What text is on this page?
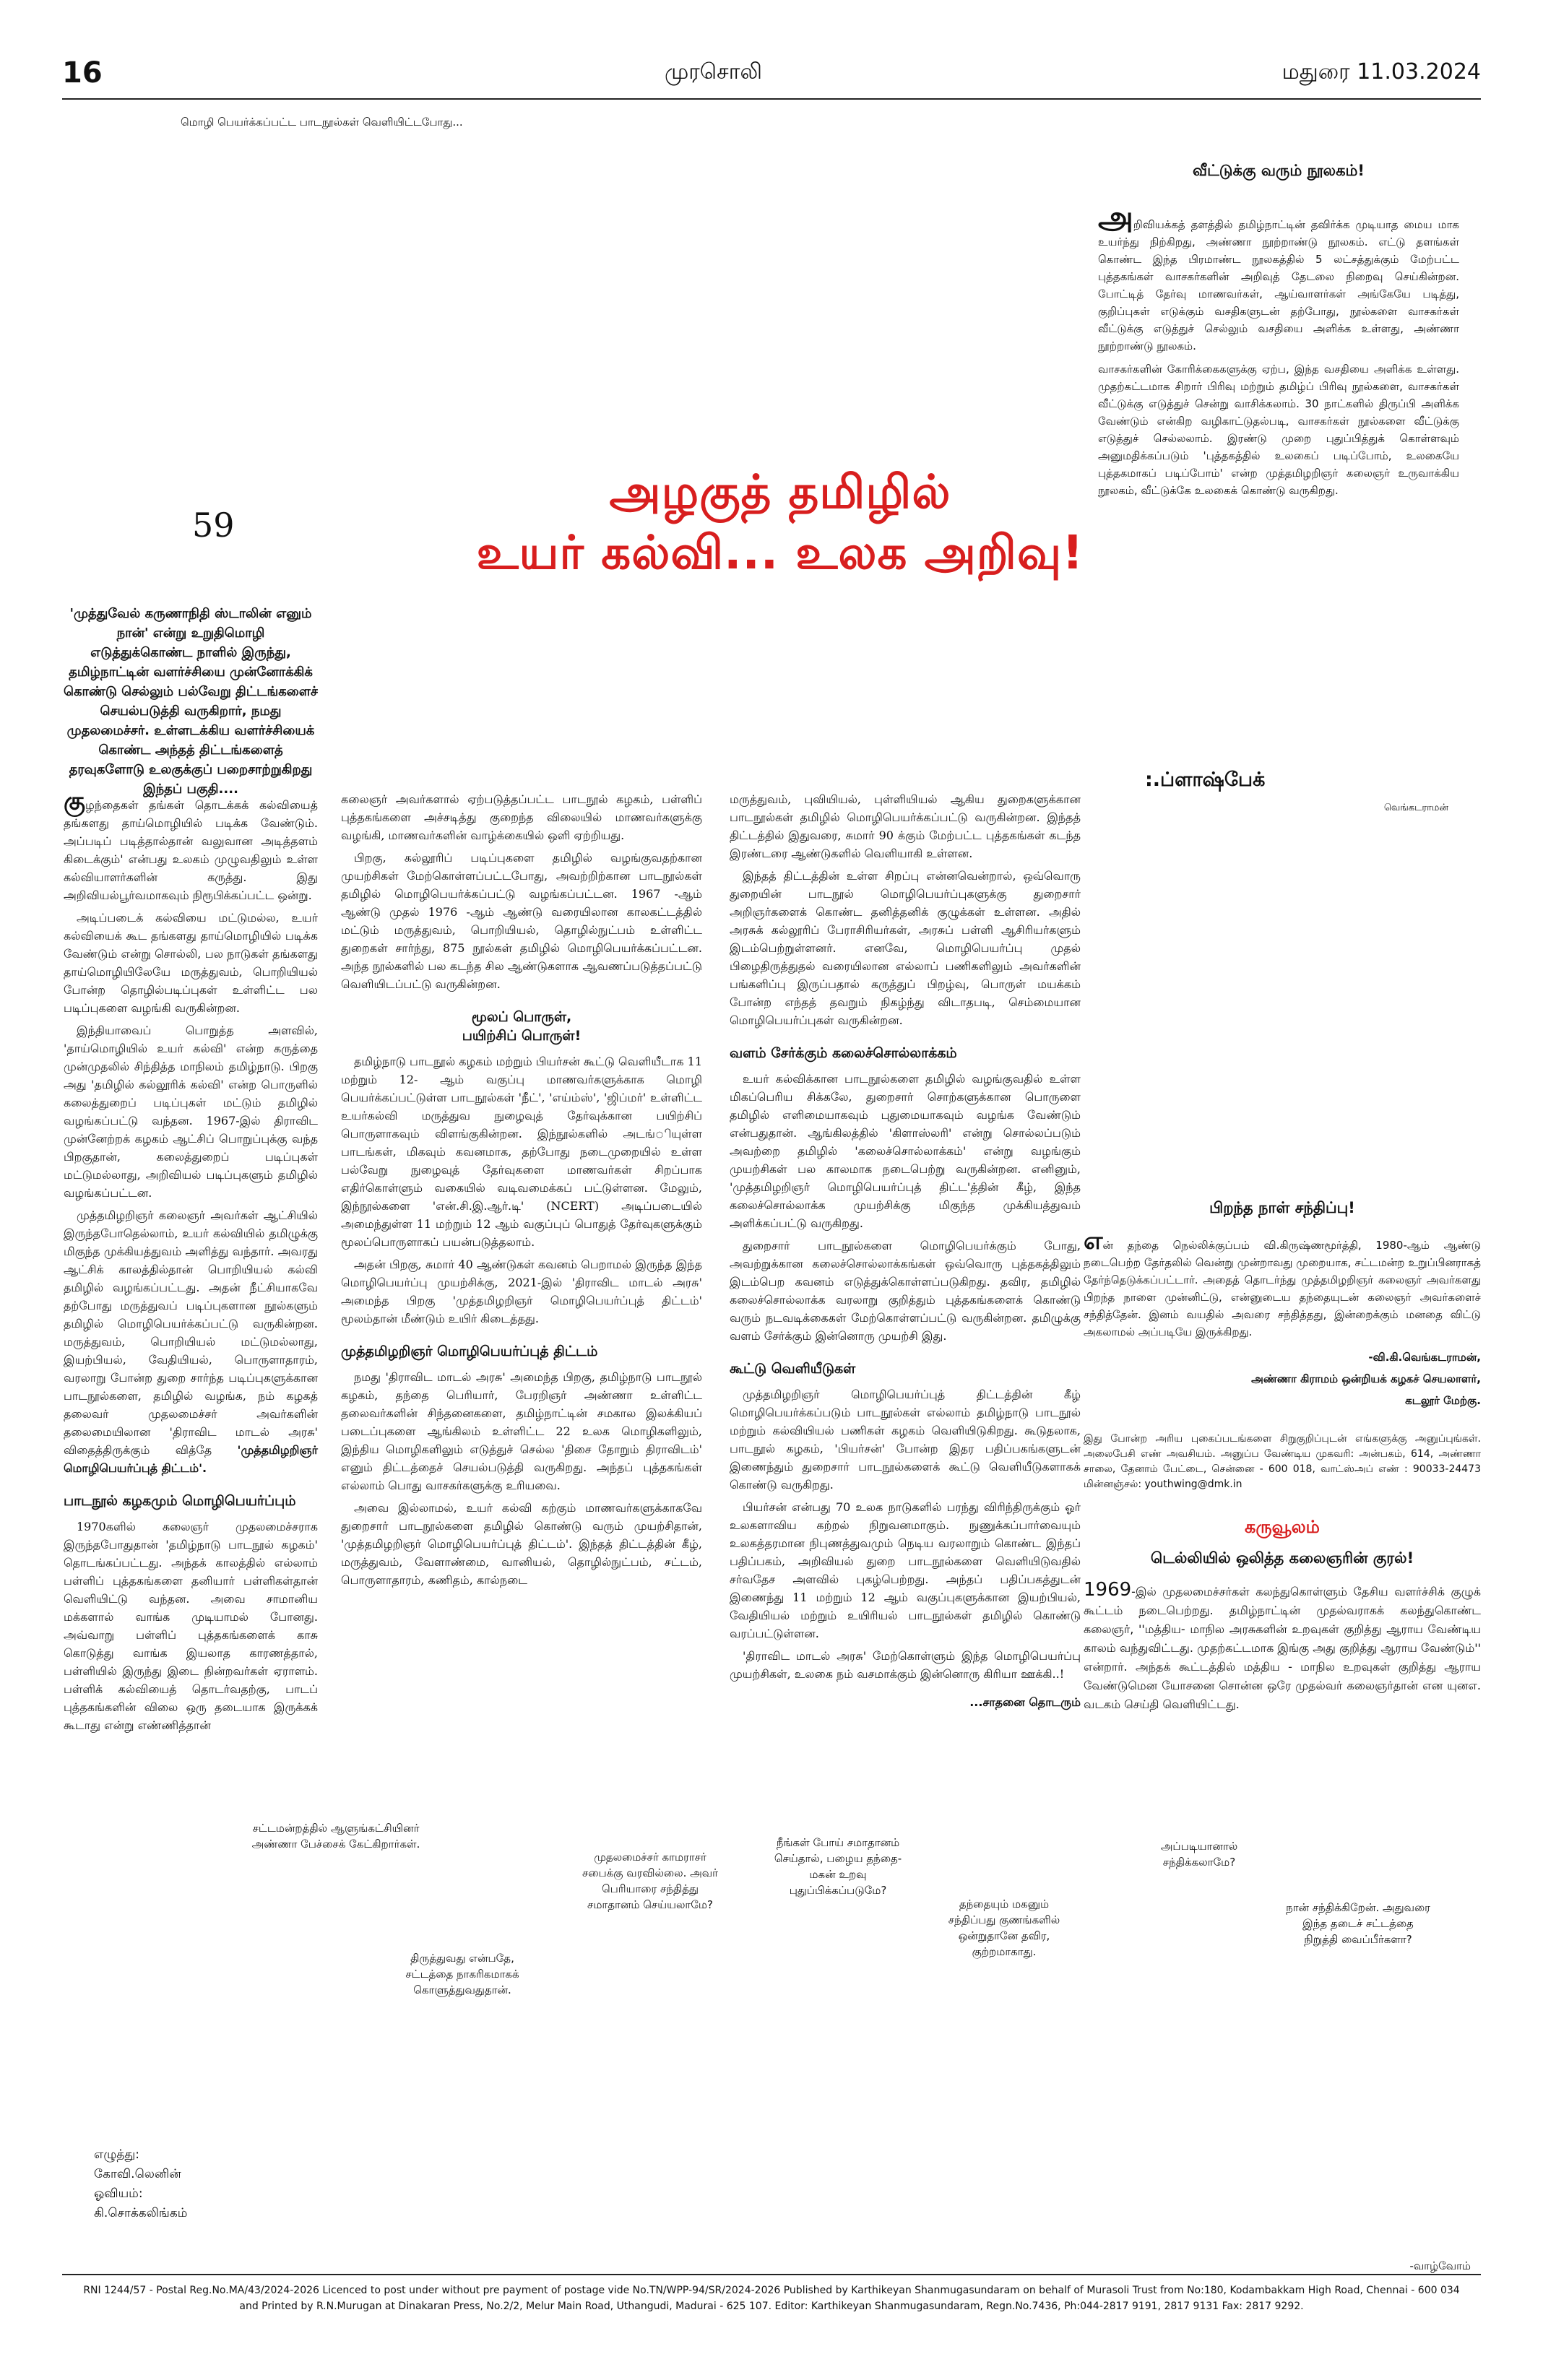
16	முரசொலி	மதுரை 11.03.2024
மொழி பெயர்க்கப்பட்ட பாடநூல்கள் வெளியிட்டபோது...
அழகுத் தமிழில்
உயர் கல்வி... உலக அறிவு!
59
'முத்துவேல் கருணாநிதி ஸ்டாலின் எனும் நான்' என்று உறுதிமொழி எடுத்துக்கொண்ட நாளில் இருந்து, தமிழ்நாட்டின் வளர்ச்சியை முன்னோக்கிக் கொண்டு செல்லும் பல்வேறு திட்டங்களைச் செயல்படுத்தி வருகிறார், நமது முதலமைச்சர். உள்ளடக்கிய வளர்ச்சியைக் கொண்ட அந்தத் திட்டங்களைத் தரவுகளோடு உலகுக்குப் பறைசாற்றுகிறது இந்தப் பகுதி....

குழந்தைகள் தங்கள் தொடக்கக் கல்வியைத் தங்களது தாய்மொழியில் படிக்க வேண்டும். அப்படிப் படித்தால்தான் வலுவான அடித்தளம் கிடைக்கும்' என்பது உலகம் முழுவதிலும் உள்ள கல்வியாளர்களின் கருத்து. இது அறிவியல்பூர்வமாகவும் நிரூபிக்கப்பட்ட ஒன்று.

அடிப்படைக் கல்வியை மட்டுமல்ல, உயர் கல்வியைக் கூட தங்களது தாய்மொழியில் படிக்க வேண்டும் என்று சொல்லி, பல நாடுகள் தங்களது தாய்மொழியிலேயே மருத்துவம், பொறியியல் போன்ற தொழில்படிப்புகள் உள்ளிட்ட பல படிப்புகளை வழங்கி வருகின்றன.

இந்தியாவைப் பொறுத்த அளவில், 'தாய்மொழியில் உயர் கல்வி' என்ற கருத்தை முன்முதலில் சிந்தித்த மாநிலம் தமிழ்நாடு. பிறகு அது 'தமிழில் கல்லூரிக் கல்வி' என்ற பொருளில் கலைத்துறைப் படிப்புகள் மட்டும் தமிழில் வழங்கப்பட்டு வந்தன. 1967-இல் திராவிட முன்னேற்றக் கழகம் ஆட்சிப் பொறுப்புக்கு வந்த பிறகுதான், கலைத்துறைப் படிப்புகள் மட்டுமல்லாது, அறிவியல் படிப்புகளும் தமிழில் வழங்கப்பட்டன.

முத்தமிழறிஞர் கலைஞர் அவர்கள் ஆட்சியில் இருந்தபோதெல்லாம், உயர் கல்வியில் தமிழுக்கு மிகுந்த முக்கியத்துவம் அளித்து வந்தார். அவரது ஆட்சிக் காலத்தில்தான் பொறியியல் கல்வி தமிழில் வழங்கப்பட்டது. அதன் நீட்சியாகவே தற்போது மருத்துவப் படிப்புகளான நூல்களும் தமிழில் மொழிபெயர்க்கப்பட்டு வருகின்றன. மருத்துவம், பொறியியல் மட்டுமல்லாது, இயற்பியல், வேதியியல், பொருளாதாரம், வரலாறு போன்ற துறை சார்ந்த படிப்புகளுக்கான பாடநூல்களை, தமிழில் வழங்க, நம் கழகத் தலைவர் முதலமைச்சர் அவர்களின் தலைமையிலான 'திராவிட மாடல் அரசு' விதைத்திருக்கும் வித்தே 'முத்தமிழறிஞர் மொழிபெயர்ப்புத் திட்டம்'.

பாடநூல் கழகமும் மொழிபெயர்ப்பும்

1970களில் கலைஞர் முதலமைச்சராக இருந்தபோதுதான் 'தமிழ்நாடு பாடநூல் கழகம்' தொடங்கப்பட்டது. அந்தக் காலத்தில் எல்லாம் பள்ளிப் புத்தகங்களை தனியார் பள்ளிகள்தான் வெளியிட்டு வந்தன. அவை சாமானிய மக்களால் வாங்க முடியாமல் போனது. அவ்வாறு பள்ளிப் புத்தகங்களைக் காசு கொடுத்து வாங்க இயலாத காரணத்தால், பள்ளியில் இருந்து இடை நின்றவர்கள் ஏராளம். பள்ளிக் கல்வியைத் தொடர்வதற்கு, பாடப் புத்தகங்களின் விலை ஒரு தடையாக இருக்கக் கூடாது என்று எண்ணித்தான்

கலைஞர் அவர்களால் ஏற்படுத்தப்பட்ட பாடநூல் கழகம், பள்ளிப் புத்தகங்களை அச்சடித்து குறைந்த விலையில் மாணவர்களுக்கு வழங்கி, மாணவர்களின் வாழ்க்கையில் ஒளி ஏற்றியது.

பிறகு, கல்லூரிப் படிப்புகளை தமிழில் வழங்குவதற்கான முயற்சிகள் மேற்கொள்ளப்பட்டபோது, அவற்றிற்கான பாடநூல்கள் தமிழில் மொழிபெயர்க்கப்பட்டு வழங்கப்பட்டன. 1967 -ஆம் ஆண்டு முதல் 1976 -ஆம் ஆண்டு வரையிலான காலகட்டத்தில் மட்டும் மருத்துவம், பொறியியல், தொழில்நுட்பம் உள்ளிட்ட துறைகள் சார்ந்து, 875 நூல்கள் தமிழில் மொழிபெயர்க்கப்பட்டன. அந்த நூல்களில் பல கடந்த சில ஆண்டுகளாக ஆவணப்படுத்தப்பட்டு வெளியிடப்பட்டு வருகின்றன.

மூலப் பொருள்,
பயிற்சிப் பொருள்!

தமிழ்நாடு பாடநூல் கழகம் மற்றும் பியர்சன் கூட்டு வெளியீடாக 11 மற்றும் 12- ஆம் வகுப்பு மாணவர்களுக்காக மொழி பெயர்க்கப்பட்டுள்ள பாடநூல்கள் 'நீட்', 'எய்ம்ஸ்', 'ஜிப்மர்' உள்ளிட்ட உயர்கல்வி மருத்துவ நுழைவுத் தேர்வுக்கான பயிற்சிப் பொருளாகவும் விளங்குகின்றன. இந்நூல்களில் அடங்ியுள்ள பாடங்கள், மிகவும் கவனமாக, தற்போது நடைமுறையில் உள்ள பல்வேறு நுழைவுத் தேர்வுகளை மாணவர்கள் சிறப்பாக எதிர்கொள்ளும் வகையில் வடிவமைக்கப் பட்டுள்ளன. மேலும், இந்நூல்களை 'என்.சி.இ.ஆர்.டி' (NCERT) அடிப்படையில் அமைந்துள்ள 11 மற்றும் 12 ஆம் வகுப்புப் பொதுத் தேர்வுகளுக்கும் மூலப்பொருளாகப் பயன்படுத்தலாம்.

அதன் பிறகு, சுமார் 40 ஆண்டுகள் கவனம் பெறாமல் இருந்த இந்த மொழிபெயர்ப்பு முயற்சிக்கு, 2021-இல் 'திராவிட மாடல் அரசு' அமைந்த பிறகு 'முத்தமிழறிஞர் மொழிபெயர்ப்புத் திட்டம்' மூலம்தான் மீண்டும் உயிர் கிடைத்தது.

முத்தமிழறிஞர் மொழிபெயர்ப்புத் திட்டம்

நமது 'திராவிட மாடல் அரசு' அமைந்த பிறகு, தமிழ்நாடு பாடநூல் கழகம், தந்தை பெரியார், பேரறிஞர் அண்ணா உள்ளிட்ட தலைவர்களின் சிந்தனைகளை, தமிழ்நாட்டின் சமகால இலக்கியப் படைப்புகளை ஆங்கிலம் உள்ளிட்ட 22 உலக மொழிகளிலும், இந்திய மொழிகளிலும் எடுத்துச் செல்ல 'திசை தோறும் திராவிடம்' எனும் திட்டத்தைச் செயல்படுத்தி வருகிறது. அந்தப் புத்தகங்கள் எல்லாம் பொது வாசகர்களுக்கு உரியவை.

அவை இல்லாமல், உயர் கல்வி கற்கும் மாணவர்களுக்காகவே துறைசார் பாடநூல்களை தமிழில் கொண்டு வரும் முயற்சிதான், 'முத்தமிழறிஞர் மொழிபெயர்ப்புத் திட்டம்'. இந்தத் திட்டத்தின் கீழ், மருத்துவம், வேளாண்மை, வானியல், தொழில்நுட்பம், சட்டம், பொருளாதாரம், கணிதம், கால்நடை

மருத்துவம், புவியியல், புள்ளியியல் ஆகிய துறைகளுக்கான பாடநூல்கள் தமிழில் மொழிபெயர்க்கப்பட்டு வருகின்றன. இந்தத் திட்டத்தில் இதுவரை, சுமார் 90 க்கும் மேற்பட்ட புத்தகங்கள் கடந்த இரண்டரை ஆண்டுகளில் வெளியாகி உள்ளன.

இந்தத் திட்டத்தின் உள்ள சிறப்பு என்னவென்றால், ஒவ்வொரு துறையின் பாடநூல் மொழிபெயர்ப்புகளுக்கு துறைசார் அறிஞர்களைக் கொண்ட தனித்தனிக் குழுக்கள் உள்ளன. அதில் அரசுக் கல்லூரிப் பேராசிரியர்கள், அரசுப் பள்ளி ஆசிரியர்களும் இடம்பெற்றுள்ளனர். எனவே, மொழிபெயர்ப்பு முதல் பிழைதிருத்துதல் வரையிலான எல்லாப் பணிகளிலும் அவர்களின் பங்களிப்பு இருப்பதால் கருத்துப் பிறழ்வு, பொருள் மயக்கம் போன்ற எந்தத் தவறும் நிகழ்ந்து விடாதபடி, செம்மையான மொழிபெயர்ப்புகள் வருகின்றன.

வளம் சேர்க்கும் கலைச்சொல்லாக்கம்

உயர் கல்விக்கான பாடநூல்களை தமிழில் வழங்குவதில் உள்ள மிகப்பெரிய சிக்கலே, துறைசார் சொற்களுக்கான பொருளை தமிழில் எளிமையாகவும் புதுமையாகவும் வழங்க வேண்டும் என்பதுதான். ஆங்கிலத்தில் 'கிளாஸ்லரி' என்று சொல்லப்படும் அவற்றை தமிழில் 'கலைச்சொல்லாக்கம்' என்று வழங்கும் முயற்சிகள் பல காலமாக நடைபெற்று வருகின்றன. எனினும், 'முத்தமிழறிஞர் மொழிபெயர்ப்புத் திட்ட'த்தின் கீழ், இந்த கலைச்சொல்லாக்க முயற்சிக்கு மிகுந்த முக்கியத்துவம் அளிக்கப்பட்டு வருகிறது.

துறைசார் பாடநூல்களை மொழிபெயர்க்கும் போது, அவற்றுக்கான கலைச்சொல்லாக்கங்கள் ஒவ்வொரு புத்தகத்திலும் இடம்பெற கவனம் எடுத்துக்கொள்ளப்படுகிறது. தவிர, தமிழில் கலைச்சொல்லாக்க வரலாறு குறித்தும் புத்தகங்களைக் கொண்டு வரும் நடவடிக்கைகள் மேற்கொள்ளப்பட்டு வருகின்றன. தமிழுக்கு வளம் சேர்க்கும் இன்னொரு முயற்சி இது.

கூட்டு வெளியீடுகள்

முத்தமிழறிஞர் மொழிபெயர்ப்புத் திட்டத்தின் கீழ் மொழிபெயர்க்கப்படும் பாடநூல்கள் எல்லாம் தமிழ்நாடு பாடநூல் மற்றும் கல்வியியல் பணிகள் கழகம் வெளியிடுகிறது. கூடுதலாக, பாடநூல் கழகம், 'பியர்சன்' போன்ற இதர பதிப்பகங்களுடன் இணைந்தும் துறைசார் பாடநூல்களைக் கூட்டு வெளியீடுகளாகக் கொண்டு வருகிறது.

பியர்சன் என்பது 70 உலக நாடுகளில் பரந்து விரிந்திருக்கும் ஓர் உலகளாவிய கற்றல் நிறுவனமாகும். நுணுக்கப்பார்வையும் உலகத்தரமான நிபுணத்துவமும் நெடிய வரலாறும் கொண்ட இந்தப் பதிப்பகம், அறிவியல் துறை பாடநூல்களை வெளியிடுவதில் சர்வதேச அளவில் புகழ்பெற்றது. அந்தப் பதிப்பகத்துடன் இணைந்து 11 மற்றும் 12 ஆம் வகுப்புகளுக்கான இயற்பியல், வேதியியல் மற்றும் உயிரியல் பாடநூல்கள் தமிழில் கொண்டு வரப்பட்டுள்ளன.

'திராவிட மாடல் அரசு' மேற்கொள்ளும் இந்த மொழிபெயர்ப்பு முயற்சிகள், உலகை நம் வசமாக்கும் இன்னொரு கிரியா ஊக்கி..!

...சாதனை தொடரும்
வீட்டுக்கு வரும் நூலகம்!

அறிவியக்கத் தளத்தில் தமிழ்நாட்டின் தவிர்க்க முடியாத மைய மாக உயர்ந்து நிற்கிறது, அண்ணா நூற்றாண்டு நூலகம். எட்டு தளங்கள் கொண்ட இந்த பிரமாண்ட நூலகத்தில் 5 லட்சத்துக்கும் மேற்பட்ட புத்தகங்கள் வாசகர்களின் அறிவுத் தேடலை நிறைவு செய்கின்றன. போட்டித் தேர்வு மாணவர்கள், ஆய்வாளர்கள் அங்கேயே படித்து, குறிப்புகள் எடுக்கும் வசதிகளுடன் தற்போது, நூல்களை வாசகர்கள் வீட்டுக்கு எடுத்துச் செல்லும் வசதியை அளிக்க உள்ளது, அண்ணா நூற்றாண்டு நூலகம்.

வாசகர்களின் கோரிக்கைகளுக்கு ஏற்ப, இந்த வசதியை அளிக்க உள்ளது. முதற்கட்டமாக சிறார் பிரிவு மற்றும் தமிழ்ப் பிரிவு நூல்களை, வாசகர்கள் வீட்டுக்கு எடுத்துச் சென்று வாசிக்கலாம். 30 நாட்களில் திருப்பி அளிக்க வேண்டும் என்கிற வழிகாட்டுதல்படி, வாசகர்கள் நூல்களை வீட்டுக்கு எடுத்துச் செல்லலாம். இரண்டு முறை புதுப்பித்துக் கொள்ளவும் அனுமதிக்கப்படும் 'புத்தகத்தில் உலகைப் படிப்போம், உலகையே புத்தகமாகப் படிப்போம்' என்ற முத்தமிழறிஞர் கலைஞர் உருவாக்கிய நூலகம், வீட்டுக்கே உலகைக் கொண்டு வருகிறது.

:.ப்ளாஷ்பேக்
வெங்கடராமன்
பிறந்த நாள் சந்திப்பு!

என் தந்தை நெல்லிக்குப்பம் வி.கிருஷ்ணமூர்த்தி, 1980-ஆம் ஆண்டு நடைபெற்ற தேர்தலில் வென்று முன்றாவது முறையாக, சட்டமன்ற உறுப்பினராகத் தேர்ந்தெடுக்கப்பட்டார். அதைத் தொடர்ந்து முத்தமிழறிஞர் கலைஞர் அவர்களது பிறந்த நாளை முன்னிட்டு, என்னுடைய தந்தையுடன் கலைஞர் அவர்களைச் சந்தித்தேன். இனம் வயதில் அவரை சந்தித்தது, இன்றைக்கும் மனதை விட்டு அகலாமல் அப்படியே இருக்கிறது.

-வி.கி.வெங்கடராமன்,
அண்ணா கிராமம் ஒன்றியக் கழகச் செயலாளர்,
கடலூர் மேற்கு.
இது போன்ற அரிய புகைப்படங்களை சிறுகுறிப்புடன் எங்களுக்கு அனுப்புங்கள். அலைபேசி எண் அவசியம். அனுப்ப வேண்டிய முகவரி: அன்பகம், 614, அண்ணா சாலை, தேனாம் பேட்டை, சென்னை - 600 018, வாட்ஸ்அப் எண் : 90033-24473 மின்னஞ்சல்: youthwing@dmk.in
கருவூலம்
டெல்லியில் ஒலித்த கலைஞரின் குரல்!

1969-இல் முதலமைச்சர்கள் கலந்துகொள்ளும் தேசிய வளர்ச்சிக் குழுக் கூட்டம் நடைபெற்றது. தமிழ்நாட்டின் முதல்வராகக் கலந்துகொண்ட கலைஞர், ''மத்திய- மாநில அரசுகளின் உறவுகள் குறித்து ஆராய வேண்டிய காலம் வந்துவிட்டது. முதற்கட்டமாக இங்கு அது குறித்து ஆராய வேண்டும்'' என்றார். அந்தக் கூட்டத்தில் மத்திய - மாநில உறவுகள் குறித்து ஆராய வேண்டுமென யோசனை சொன்ன ஒரே முதல்வர் கலைஞர்தான் என யுனஎ. வடகம் செய்தி வெளியிட்டது.

சட்டமன்றத்தில் ஆளுங்கட்சியினர் அண்ணா பேச்சைக் கேட்கிறார்கள்.
திருத்துவது என்பதே, சட்டத்தை நாகரிகமாகக் கொளுத்துவதுதான்.
முதலமைச்சர் காமராசர் சபைக்கு வரவில்லை. அவர் பெரியாரை சந்தித்து சமாதானம் செய்யலாமே?
நீங்கள் போய் சமாதானம் செய்தால், பழைய தந்தை-மகன் உறவு புதுப்பிக்கப்படுமே?
தந்தையும் மகனும் சந்திப்பது குணங்களில் ஒன்றுதானே தவிர, குற்றமாகாது.
அப்படியானால் சந்திக்கலாமே?
நான் சந்திக்கிறேன். அதுவரை இந்த தடைச் சட்டத்தை நிறுத்தி வைப்பீர்களா?
எழுத்து:
கோவி.லெனின்
ஓவியம்:
கி.சொக்கலிங்கம்
-வாழ்வோம்
RNI 1244/57 - Postal Reg.No.MA/43/2024-2026 Licenced to post under without pre payment of postage vide No.TN/WPP-94/SR/2024-2026 Published by Karthikeyan Shanmugasundaram on behalf of Murasoli Trust from No:180, Kodambakkam High Road, Chennai - 600 034
and Printed by R.N.Murugan at Dinakaran Press, No.2/2, Melur Main Road, Uthangudi, Madurai - 625 107. Editor: Karthikeyan Shanmugasundaram, Regn.No.7436, Ph:044-2817 9191, 2817 9131 Fax: 2817 9292.
